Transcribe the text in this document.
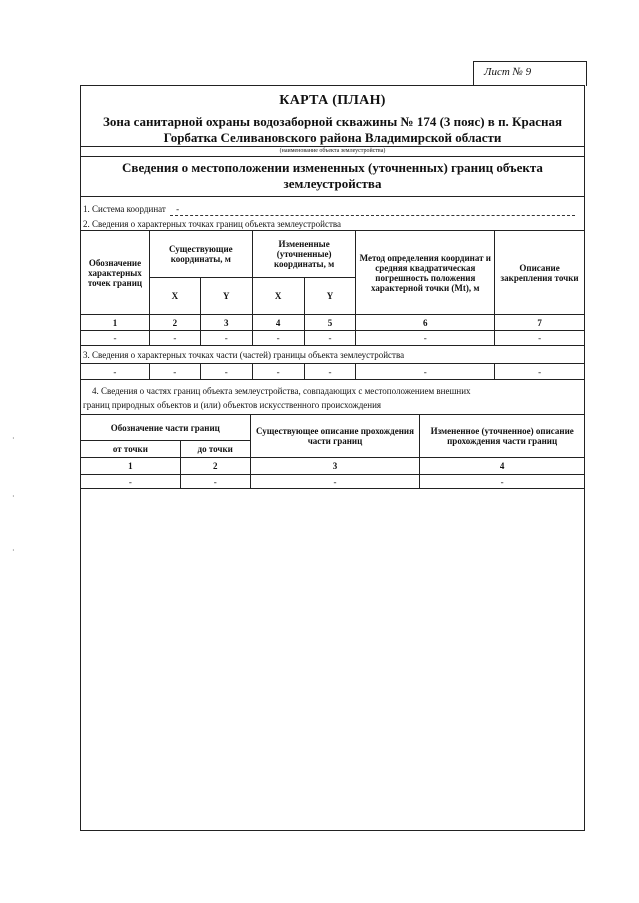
Лист № 9
КАРТА (ПЛАН)
Зона санитарной охраны водозаборной скважины № 174 (3 пояс) в п. Красная
Горбатка Селивановского района Владимирской области
(наименование объекта землеустройства)
Сведения о местоположении измененных (уточненных) границ объекта
землеустройства
1. Система координат -
2. Сведения о характерных точках границ объекта землеустройства
Обозначение характерных точек границ	Существующие координаты, м		Измененные (уточненные) координаты, м		Метод определения координат и средняя квадратическая погрешность положения характерной точки (Mt), м	Описание закрепления точки
	X	Y	X	Y		
1	2	3	4	5	6	7
-	-	-	-	-	-	-
3. Сведения о характерных точках части (частей) границы объекта землеустройства
-	-	-	-	-	-	-
4. Сведения о частях границ объекта землеустройства, совпадающих с местоположением внешних
границ природных объектов и (или) объектов искусственного происхождения
Обозначение части границ		Существующее описание прохождения части границ	Измененное (уточненное) описание прохождения части границ
от точки	до точки		
1	2	3	4
-	-	-	-
·
·
·
